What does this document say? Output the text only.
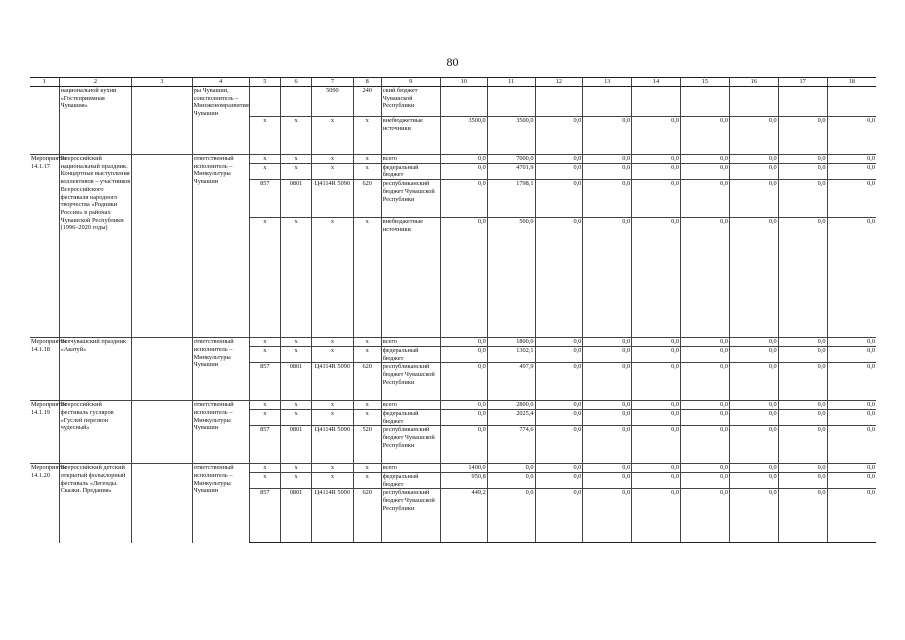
80
1	2	3	4	5	6	7	8	9	10	11	12	13	14	15	16	17	18
	национальной кухни «Гостеприимная Чувашия»		ры Чувашии, соисполнитель – Минэкономразвития Чувашии			5090	240	ский бюджет Чувашской Республики									
				х	х	х	х	внебюджетные источники	3500,0	3500,0	0,0	0,0	0,0	0,0	0,0	0,0	0,0
Мероприятие 14.1.17	Всероссийский национальный праздник. Концертные выступления коллективов – участников Всероссийского фестиваля народного творчества «Родники России» в районах Чувашской Республики (1996–2020 годы)		ответственный исполнитель – Минкультуры Чувашии	х	х	х	х	всего	0,0	7000,0	0,0	0,0	0,0	0,0	0,0	0,0	0,0
				х	х	х	х	федеральный бюджет	0,0	4701,9	0,0	0,0	0,0	0,0	0,0	0,0	0,0
				857	0801	Ц4114R 5090	620	республиканский бюджет Чувашской Республики	0,0	1798,1	0,0	0,0	0,0	0,0	0,0	0,0	0,0
				х	х	х	х	внебюджетные источники	0,0	500,0	0,0	0,0	0,0	0,0	0,0	0,0	0,0
Мероприятие 14.1.18	Всечувашский праздник «Акатуй»		ответственный исполнитель – Минкультуры Чувашии	х	х	х	х	всего	0,0	1800,0	0,0	0,0	0,0	0,0	0,0	0,0	0,0
				х	х	х	х	федеральный бюджет	0,0	1302,1	0,0	0,0	0,0	0,0	0,0	0,0	0,0
				857	0801	Ц4114R 5090	620	республиканский бюджет Чувашской Республики	0,0	497,9	0,0	0,0	0,0	0,0	0,0	0,0	0,0
Мероприятие 14.1.19	Всероссийский фестиваль гусляров «Гуслей перезвон чудесный»		ответственный исполнитель – Минкультуры Чувашии	х	х	х	х	всего	0,0	2800,0	0,0	0,0	0,0	0,0	0,0	0,0	0,0
				х	х	х	х	федеральный бюджет	0,0	2025,4	0,0	0,0	0,0	0,0	0,0	0,0	0,0
				857	0801	Ц4114R 5090	520	республиканский бюджет Чувашской Республики	0,0	774,6	0,0	0,0	0,0	0,0	0,0	0,0	0,0
Мероприятие 14.1.20	Всероссийский детский открытый фольклорный фестиваль «Легенды. Сказки. Предания»		ответственный исполнитель – Минкультуры Чувашии	х	х	х	х	всего	1400,0	0,0	0,0	0,0	0,0	0,0	0,0	0,0	0,0
				х	х	х	х	федеральный бюджет	950,8	0,0	0,0	0,0	0,0	0,0	0,0	0,0	0,0
				857	0801	Ц4114R 5090	620	республиканский бюджет Чувашской Республики	449,2	0,0	0,0	0,0	0,0	0,0	0,0	0,0	0,0
